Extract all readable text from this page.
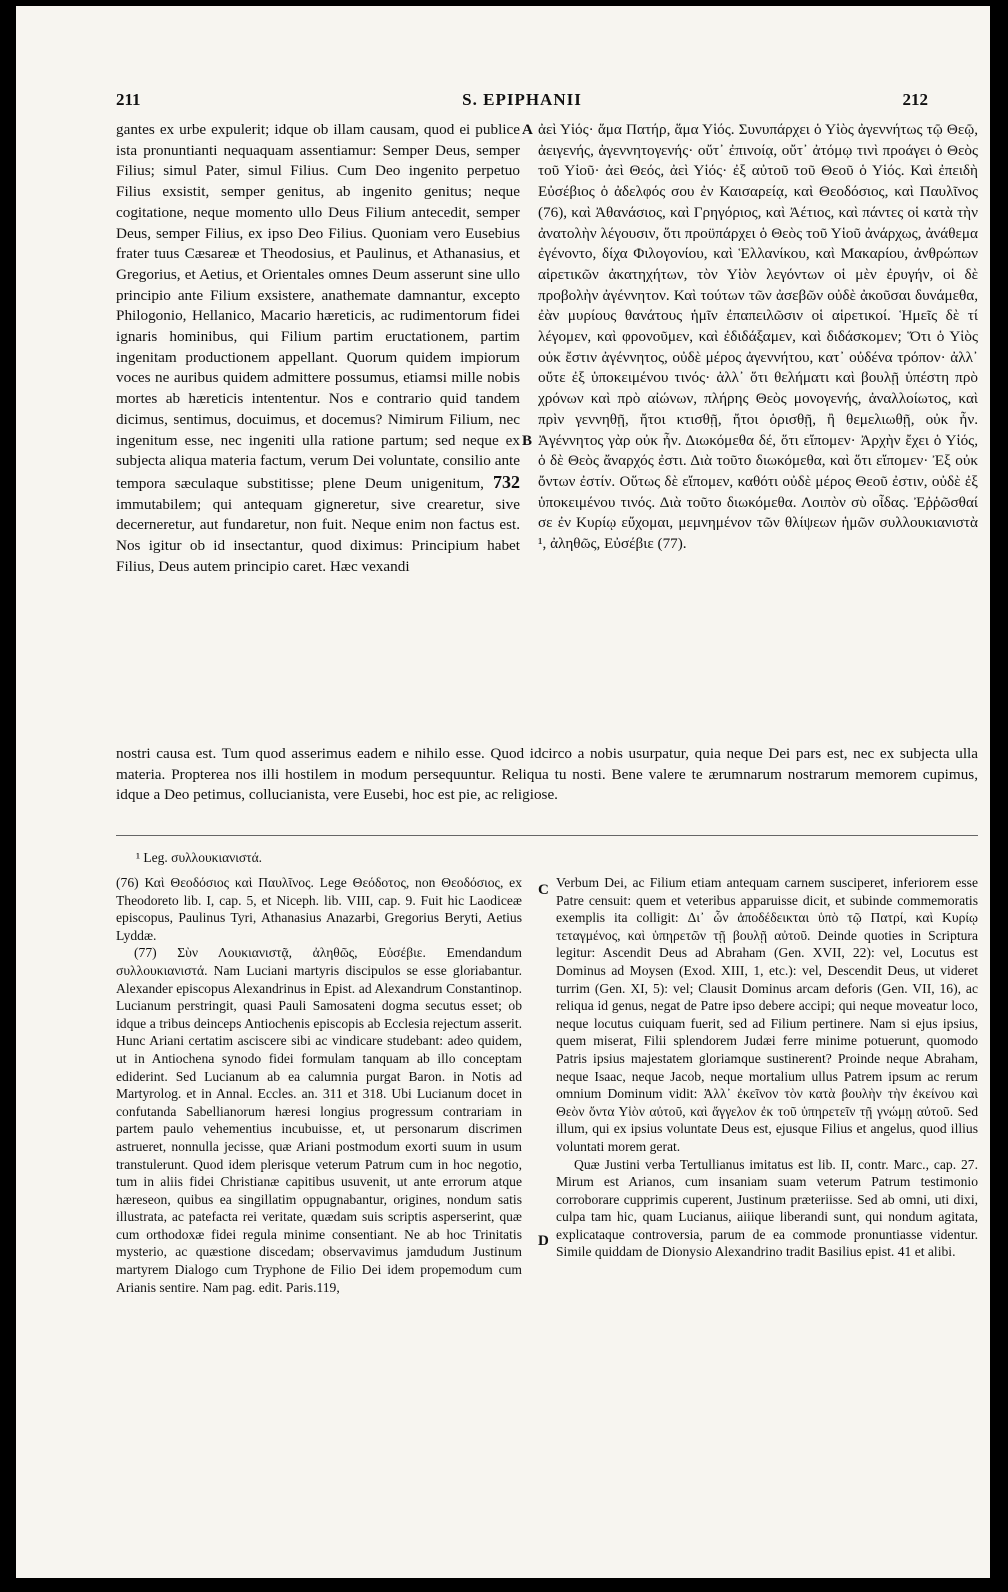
211	S. EPIPHANII	212
gantes ex urbe expulerit; idque ob illam causam, quod ei publice ista pronuntianti nequaquam assentiamur: Semper Deus, semper Filius; simul Pater, simul Filius. Cum Deo ingenito perpetuo Filius exsistit, semper genitus, ab ingenito genitus; neque cogitatione, neque momento ullo Deus Filium antecedit, semper Deus, semper Filius, ex ipso Deo Filius. Quoniam vero Eusebius frater tuus Cæsareæ et Theodosius, et Paulinus, et Athanasius, et Gregorius, et Aetius, et Orientales omnes Deum asserunt sine ullo principio ante Filium exsistere, anathemate damnantur, excepto Philogonio, Hellanico, Macario hæreticis, ac rudimentorum fidei ignaris hominibus, qui Filium partim eructationem, partim ingenitam productionem appellant. Quorum quidem impiorum voces ne auribus quidem admittere possumus, etiamsi mille nobis mortes ab hæreticis intententur. Nos e contrario quid tandem dicimus, sentimus, docuimus, et docemus? Nimirum Filium, nec ingenitum esse, nec ingeniti ulla ratione partum; sed neque ex subjecta aliqua materia factum, verum Dei voluntate, consilio ante tempora sæculaque substitisse; plene Deum unigenitum, 732 immutabilem; qui antequam gigneretur, sive crearetur, sive decerneretur, aut fundaretur, non fuit. Neque enim non factus est. Nos igitur ob id insectantur, quod diximus: Principium habet Filius, Deus autem principio caret. Hæc vexandi
A
B
ἀεὶ Υἱός· ἅμα Πατήρ, ἅμα Υἱός. Συνυπάρχει ὁ Υἱὸς ἀγεννήτως τῷ Θεῷ, ἀειγενής, ἀγεννητογενής· οὔτ᾽ ἐπινοίᾳ, οὔτ᾽ ἀτόμῳ τινὶ προάγει ὁ Θεὸς τοῦ Υἱοῦ· ἀεὶ Θεός, ἀεὶ Υἱός· ἐξ αὐτοῦ τοῦ Θεοῦ ὁ Υἱός. Καὶ ἐπειδὴ Εὐσέβιος ὁ ἀδελφός σου ἐν Καισαρείᾳ, καὶ Θεοδόσιος, καὶ Παυλῖνος (76), καὶ Ἀθανάσιος, καὶ Γρηγόριος, καὶ Ἀέτιος, καὶ πάντες οἱ κατὰ τὴν ἀνατολὴν λέγουσιν, ὅτι προϋπάρχει ὁ Θεὸς τοῦ Υἱοῦ ἀνάρχως, ἀνάθεμα ἐγένοντο, δίχα Φιλογονίου, καὶ Ἑλλανίκου, καὶ Μακαρίου, ἀνθρώπων αἱρετικῶν ἀκατηχήτων, τὸν Υἱὸν λεγόντων οἱ μὲν ἐρυγήν, οἱ δὲ προβολὴν ἀγέννητον. Καὶ τούτων τῶν ἀσεβῶν οὐδὲ ἀκοῦσαι δυνάμεθα, ἐὰν μυρίους θανάτους ἡμῖν ἐπαπειλῶσιν οἱ αἱρετικοί. Ἡμεῖς δὲ τί λέγομεν, καὶ φρονοῦμεν, καὶ ἐδιδάξαμεν, καὶ διδάσκομεν; Ὅτι ὁ Υἱὸς οὐκ ἔστιν ἀγέννητος, οὐδὲ μέρος ἀγεννήτου, κατ᾽ οὐδένα τρόπον· ἀλλ᾽ οὔτε ἐξ ὑποκειμένου τινός· ἀλλ᾽ ὅτι θελήματι καὶ βουλῇ ὑπέστη πρὸ χρόνων καὶ πρὸ αἰώνων, πλήρης Θεὸς μονογενής, ἀναλλοίωτος, καὶ πρὶν γεννηθῇ, ἤτοι κτισθῇ, ἤτοι ὁρισθῇ, ἢ θεμελιωθῇ, οὐκ ἦν. Ἀγέννητος γὰρ οὐκ ἦν. Διωκόμεθα δέ, ὅτι εἴπομεν· Ἀρχὴν ἔχει ὁ Υἱός, ὁ δὲ Θεὸς ἄναρχός ἐστι. Διὰ τοῦτο διωκόμεθα, καὶ ὅτι εἴπομεν· Ἐξ οὐκ ὄντων ἐστίν. Οὕτως δὲ εἴπομεν, καθότι οὐδὲ μέρος Θεοῦ ἐστιν, οὐδὲ ἐξ ὑποκειμένου τινός. Διὰ τοῦτο διωκόμεθα. Λοιπὸν σὺ οἶδας. Ἐῤῥῶσθαί σε ἐν Κυρίῳ εὔχομαι, μεμνημένον τῶν θλίψεων ἡμῶν συλλουκιανιστὰ ¹, ἀληθῶς, Εὐσέβιε (77).
nostri causa est. Tum quod asserimus eadem e nihilo esse. Quod idcirco a nobis usurpatur, quia neque Dei pars est, nec ex subjecta ulla materia. Propterea nos illi hostilem in modum persequuntur. Reliqua tu nosti. Bene valere te ærumnarum nostrarum memorem cupimus, idque a Deo petimus, collucianista, vere Eusebi, hoc est pie, ac religiose.
¹ Leg. συλλουκιανιστά.

(76) Καὶ Θεοδόσιος καὶ Παυλῖνος. Lege Θεόδοτος, non Θεοδόσιος, ex Theodoreto lib. I, cap. 5, et Niceph. lib. VIII, cap. 9. Fuit hic Laodiceæ episcopus, Paulinus Tyri, Athanasius Anazarbi, Gregorius Beryti, Aetius Lyddæ.

(77) Σὺν Λουκιανιστᾷ, ἀληθῶς, Εὐσέβιε. Emendandum συλλουκιανιστά. Nam Luciani martyris discipulos se esse gloriabantur. Alexander episcopus Alexandrinus in Epist. ad Alexandrum Constantinop. Lucianum perstringit, quasi Pauli Samosateni dogma secutus esset; ob idque a tribus deinceps Antiochenis episcopis ab Ecclesia rejectum asserit. Hunc Ariani certatim asciscere sibi ac vindicare studebant: adeo quidem, ut in Antiochena synodo fidei formulam tanquam ab illo conceptam ediderint. Sed Lucianum ab ea calumnia purgat Baron. in Notis ad Martyrolog. et in Annal. Eccles. an. 311 et 318. Ubi Lucianum docet in confutanda Sabellianorum hæresi longius progressum contrariam in partem paulo vehementius incubuisse, et, ut personarum discrimen astrueret, nonnulla jecisse, quæ Ariani postmodum exorti suum in usum transtulerunt. Quod idem plerisque veterum Patrum cum in hoc negotio, tum in aliis fidei Christianæ capitibus usuvenit, ut ante errorum atque hæreseon, quibus ea singillatim oppugnabantur, origines, nondum satis illustrata, ac patefacta rei veritate, quædam suis scriptis asperserint, quæ cum orthodoxæ fidei regula minime consentiant. Ne ab hoc Trinitatis mysterio, ac quæstione discedam; observavimus jamdudum Justinum martyrem Dialogo cum Tryphone de Filio Dei idem propemodum cum Arianis sentire. Nam pag. edit. Paris.119,

C
D

Verbum Dei, ac Filium etiam antequam carnem susciperet, inferiorem esse Patre censuit: quem et veteribus apparuisse dicit, et subinde commemoratis exemplis ita colligit: Δι᾽ ὧν ἀποδέδεικται ὑπὸ τῷ Πατρί, καὶ Κυρίῳ τεταγμένος, καὶ ὑπηρετῶν τῇ βουλῇ αὐτοῦ. Deinde quoties in Scriptura legitur: Ascendit Deus ad Abraham (Gen. XVII, 22): vel, Locutus est Dominus ad Moysen (Exod. XIII, 1, etc.): vel, Descendit Deus, ut videret turrim (Gen. XI, 5): vel; Clausit Dominus arcam deforis (Gen. VII, 16), ac reliqua id genus, negat de Patre ipso debere accipi; qui neque moveatur loco, neque locutus cuiquam fuerit, sed ad Filium pertinere. Nam si ejus ipsius, quem miserat, Filii splendorem Judæi ferre minime potuerunt, quomodo Patris ipsius majestatem gloriamque sustinerent? Proinde neque Abraham, neque Isaac, neque Jacob, neque mortalium ullus Patrem ipsum ac rerum omnium Dominum vidit: Ἀλλ᾽ ἐκεῖνον τὸν κατὰ βουλὴν τὴν ἐκείνου καὶ Θεὸν ὄντα Υἱὸν αὐτοῦ, καὶ ἄγγελον ἐκ τοῦ ὑπηρετεῖν τῇ γνώμῃ αὐτοῦ. Sed illum, qui ex ipsius voluntate Deus est, ejusque Filius et angelus, quod illius voluntati morem gerat.

Quæ Justini verba Tertullianus imitatus est lib. II, contr. Marc., cap. 27. Mirum est Arianos, cum insaniam suam veterum Patrum testimonio corroborare cupprimis cuperent, Justinum præteriisse. Sed ab omni, uti dixi, culpa tam hic, quam Lucianus, aiiique liberandi sunt, qui nondum agitata, explicataque controversia, parum de ea commode pronuntiasse videntur. Simile quiddam de Dionysio Alexandrino tradit Basilius epist. 41 et alibi.
